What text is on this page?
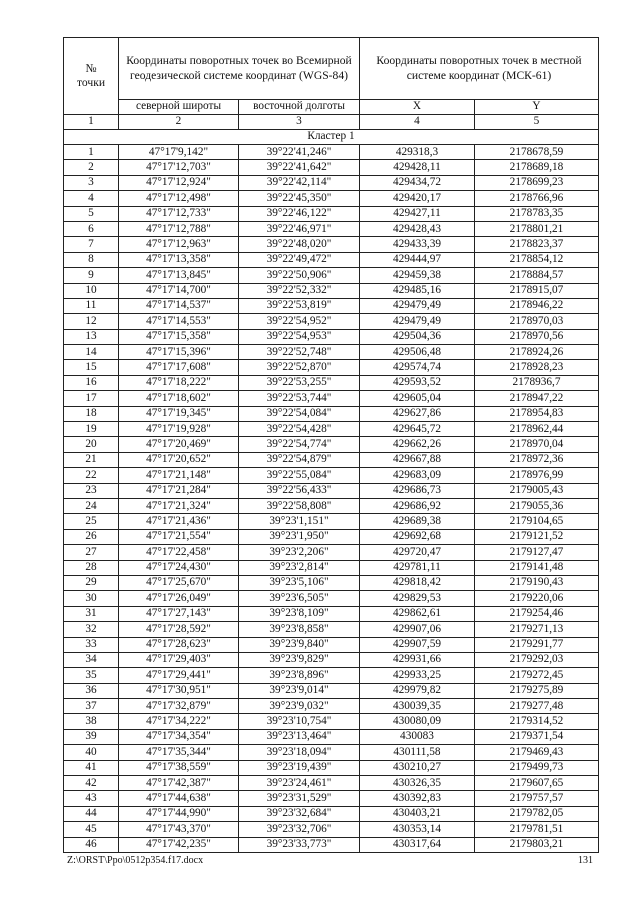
№
точки	Координаты поворотных точек во Всемирной геодезической системе координат (WGS-84)		Координаты поворотных точек в местной системе координат (МСК-61)	
	северной широты	восточной долготы	X	Y
1	2	3	4	5
Кластер 1				
1	47°17'9,142"	39°22'41,246"	429318,3	2178678,59
2	47°17'12,703"	39°22'41,642"	429428,11	2178689,18
3	47°17'12,924"	39°22'42,114"	429434,72	2178699,23
4	47°17'12,498"	39°22'45,350"	429420,17	2178766,96
5	47°17'12,733"	39°22'46,122"	429427,11	2178783,35
6	47°17'12,788"	39°22'46,971"	429428,43	2178801,21
7	47°17'12,963"	39°22'48,020"	429433,39	2178823,37
8	47°17'13,358"	39°22'49,472"	429444,97	2178854,12
9	47°17'13,845"	39°22'50,906"	429459,38	2178884,57
10	47°17'14,700"	39°22'52,332"	429485,16	2178915,07
11	47°17'14,537"	39°22'53,819"	429479,49	2178946,22
12	47°17'14,553"	39°22'54,952"	429479,49	2178970,03
13	47°17'15,358"	39°22'54,953"	429504,36	2178970,56
14	47°17'15,396"	39°22'52,748"	429506,48	2178924,26
15	47°17'17,608"	39°22'52,870"	429574,74	2178928,23
16	47°17'18,222"	39°22'53,255"	429593,52	2178936,7
17	47°17'18,602"	39°22'53,744"	429605,04	2178947,22
18	47°17'19,345"	39°22'54,084"	429627,86	2178954,83
19	47°17'19,928"	39°22'54,428"	429645,72	2178962,44
20	47°17'20,469"	39°22'54,774"	429662,26	2178970,04
21	47°17'20,652"	39°22'54,879"	429667,88	2178972,36
22	47°17'21,148"	39°22'55,084"	429683,09	2178976,99
23	47°17'21,284"	39°22'56,433"	429686,73	2179005,43
24	47°17'21,324"	39°22'58,808"	429686,92	2179055,36
25	47°17'21,436"	39°23'1,151"	429689,38	2179104,65
26	47°17'21,554"	39°23'1,950"	429692,68	2179121,52
27	47°17'22,458"	39°23'2,206"	429720,47	2179127,47
28	47°17'24,430"	39°23'2,814"	429781,11	2179141,48
29	47°17'25,670"	39°23'5,106"	429818,42	2179190,43
30	47°17'26,049"	39°23'6,505"	429829,53	2179220,06
31	47°17'27,143"	39°23'8,109"	429862,61	2179254,46
32	47°17'28,592"	39°23'8,858"	429907,06	2179271,13
33	47°17'28,623"	39°23'9,840"	429907,59	2179291,77
34	47°17'29,403"	39°23'9,829"	429931,66	2179292,03
35	47°17'29,441"	39°23'8,896"	429933,25	2179272,45
36	47°17'30,951"	39°23'9,014"	429979,82	2179275,89
37	47°17'32,879"	39°23'9,032"	430039,35	2179277,48
38	47°17'34,222"	39°23'10,754"	430080,09	2179314,52
39	47°17'34,354"	39°23'13,464"	430083	2179371,54
40	47°17'35,344"	39°23'18,094"	430111,58	2179469,43
41	47°17'38,559"	39°23'19,439"	430210,27	2179499,73
42	47°17'42,387"	39°23'24,461"	430326,35	2179607,65
43	47°17'44,638"	39°23'31,529"	430392,83	2179757,57
44	47°17'44,990"	39°23'32,684"	430403,21	2179782,05
45	47°17'43,370"	39°23'32,706"	430353,14	2179781,51
46	47°17'42,235"	39°23'33,773"	430317,64	2179803,21
Z:\ORST\Ppo\0512p354.f17.docx	131
